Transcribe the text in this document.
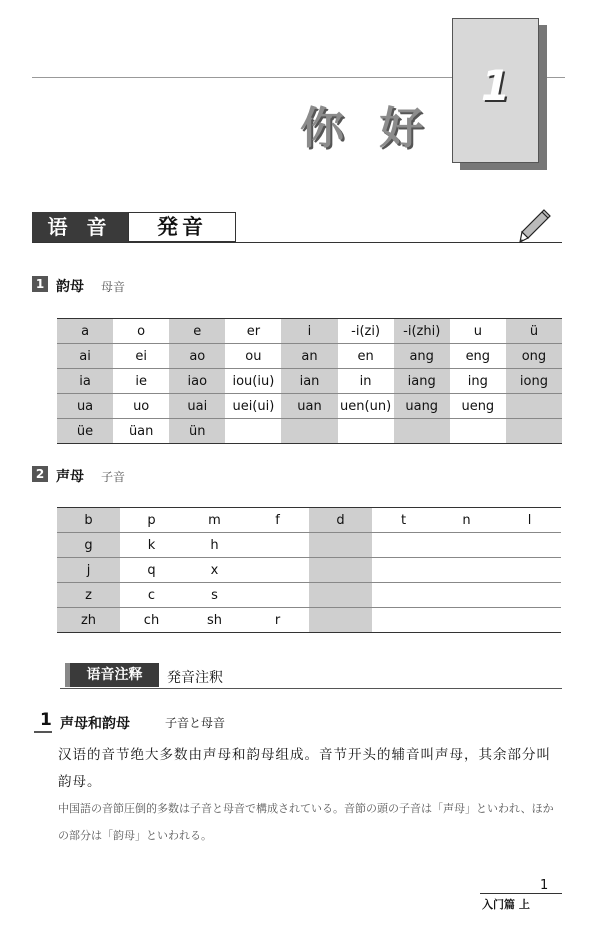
你 好
1
语 音	発音
1 韵母 母音
a	o	e	er	i	-i(zi)	-i(zhi)	u	ü
ai	ei	ao	ou	an	en	ang	eng	ong
ia	ie	iao	iou(iu)	ian	in	iang	ing	iong
ua	uo	uai	uei(ui)	uan	uen(un)	uang	ueng	
üe	üan	ün						
2 声母 子音
b	p	m	f	d	t	n	l
g	k	h					
j	q	x					
z	c	s					
zh	ch	sh	r				
语音注释	発音注釈
1 声母和韵母	子音と母音
汉语的音节绝大多数由声母和韵母组成。音节开头的辅音叫声母，其余部分叫韵母。
中国語の音節圧倒的多数は子音と母音で構成されている。音節の頭の子音は「声母」といわれ、ほかの部分は「韵母」といわれる。
1
入门篇 上
